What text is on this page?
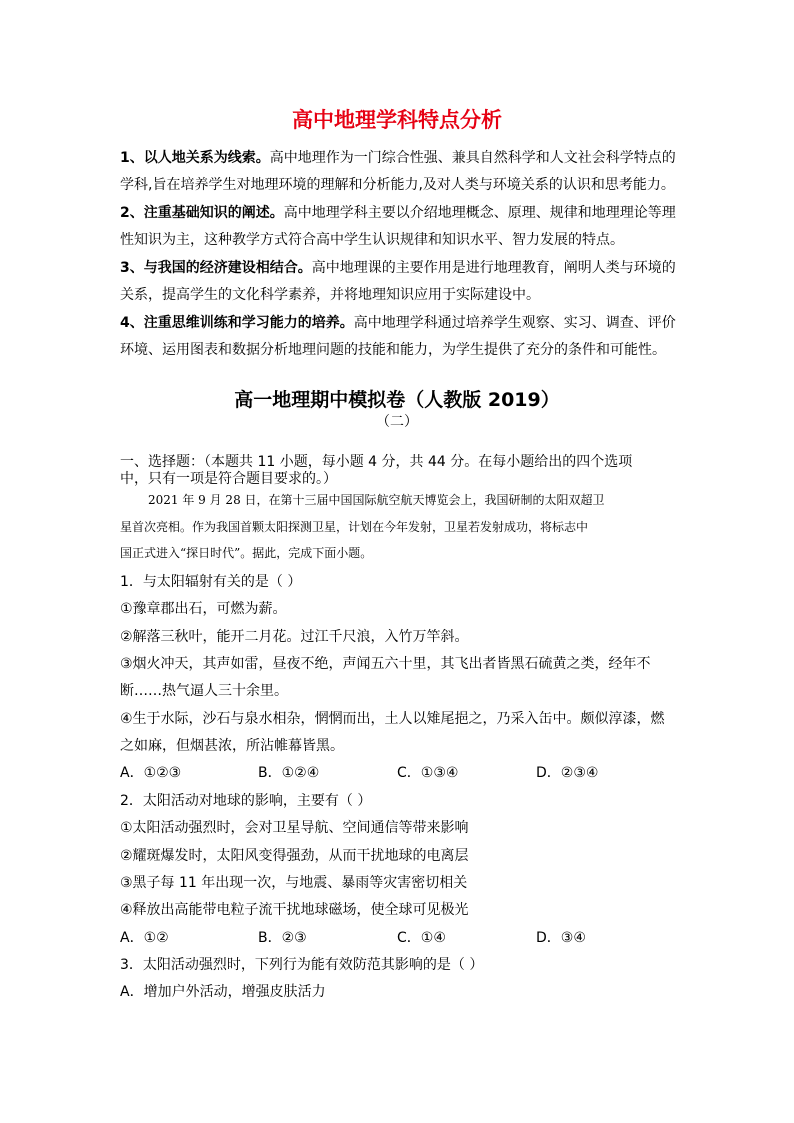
高中地理学科特点分析
1、以人地关系为线索。高中地理作为一门综合性强、兼具自然科学和人文社会科学特点的
学科,旨在培养学生对地理环境的理解和分析能力,及对人类与环境关系的认识和思考能力。
2、注重基础知识的阐述。高中地理学科主要以介绍地理概念、原理、规律和地理理论等理
性知识为主，这种教学方式符合高中学生认识规律和知识水平、智力发展的特点。
3、与我国的经济建设相结合。高中地理课的主要作用是进行地理教育，阐明人类与环境的
关系，提高学生的文化科学素养，并将地理知识应用于实际建设中。
4、注重思维训练和学习能力的培养。高中地理学科通过培养学生观察、实习、调查、评价
环境、运用图表和数据分析地理问题的技能和能力，为学生提供了充分的条件和可能性。
高一地理期中模拟卷（人教版 2019）
（二）
一、选择题：（本题共 11 小题，每小题 4 分，共 44 分。在每小题给出的四个选项
中，只有一项是符合题目要求的。）
2021 年 9 月 28 日，在第十三届中国国际航空航天博览会上，我国研制的太阳双超卫
星首次亮相。作为我国首颗太阳探测卫星，计划在今年发射，卫星若发射成功，将标志中
国正式进入“探日时代”。据此，完成下面小题。
1．与太阳辐射有关的是（ ）
①豫章郡出石，可燃为薪。
②解落三秋叶，能开二月花。过江千尺浪，入竹万竿斜。
③烟火冲天，其声如雷，昼夜不绝，声闻五六十里，其飞出者皆黑石硫黄之类，经年不
断……热气逼人三十余里。
④生于水际，沙石与泉水相杂，惘惘而出，土人以雉尾挹之，乃采入缶中。颇似淳漆，燃
之如麻，但烟甚浓，所沾帷幕皆黑。
A．①②③	B．①②④	C．①③④	D．②③④
2．太阳活动对地球的影响，主要有（ ）
①太阳活动强烈时，会对卫星导航、空间通信等带来影响
②耀斑爆发时，太阳风变得强劲，从而干扰地球的电离层
③黑子每 11 年出现一次，与地震、暴雨等灾害密切相关
④释放出高能带电粒子流干扰地球磁场，使全球可见极光
A．①②	B．②③	C．①④	D．③④
3．太阳活动强烈时，下列行为能有效防范其影响的是（ ）
A．增加户外活动，增强皮肤活力
